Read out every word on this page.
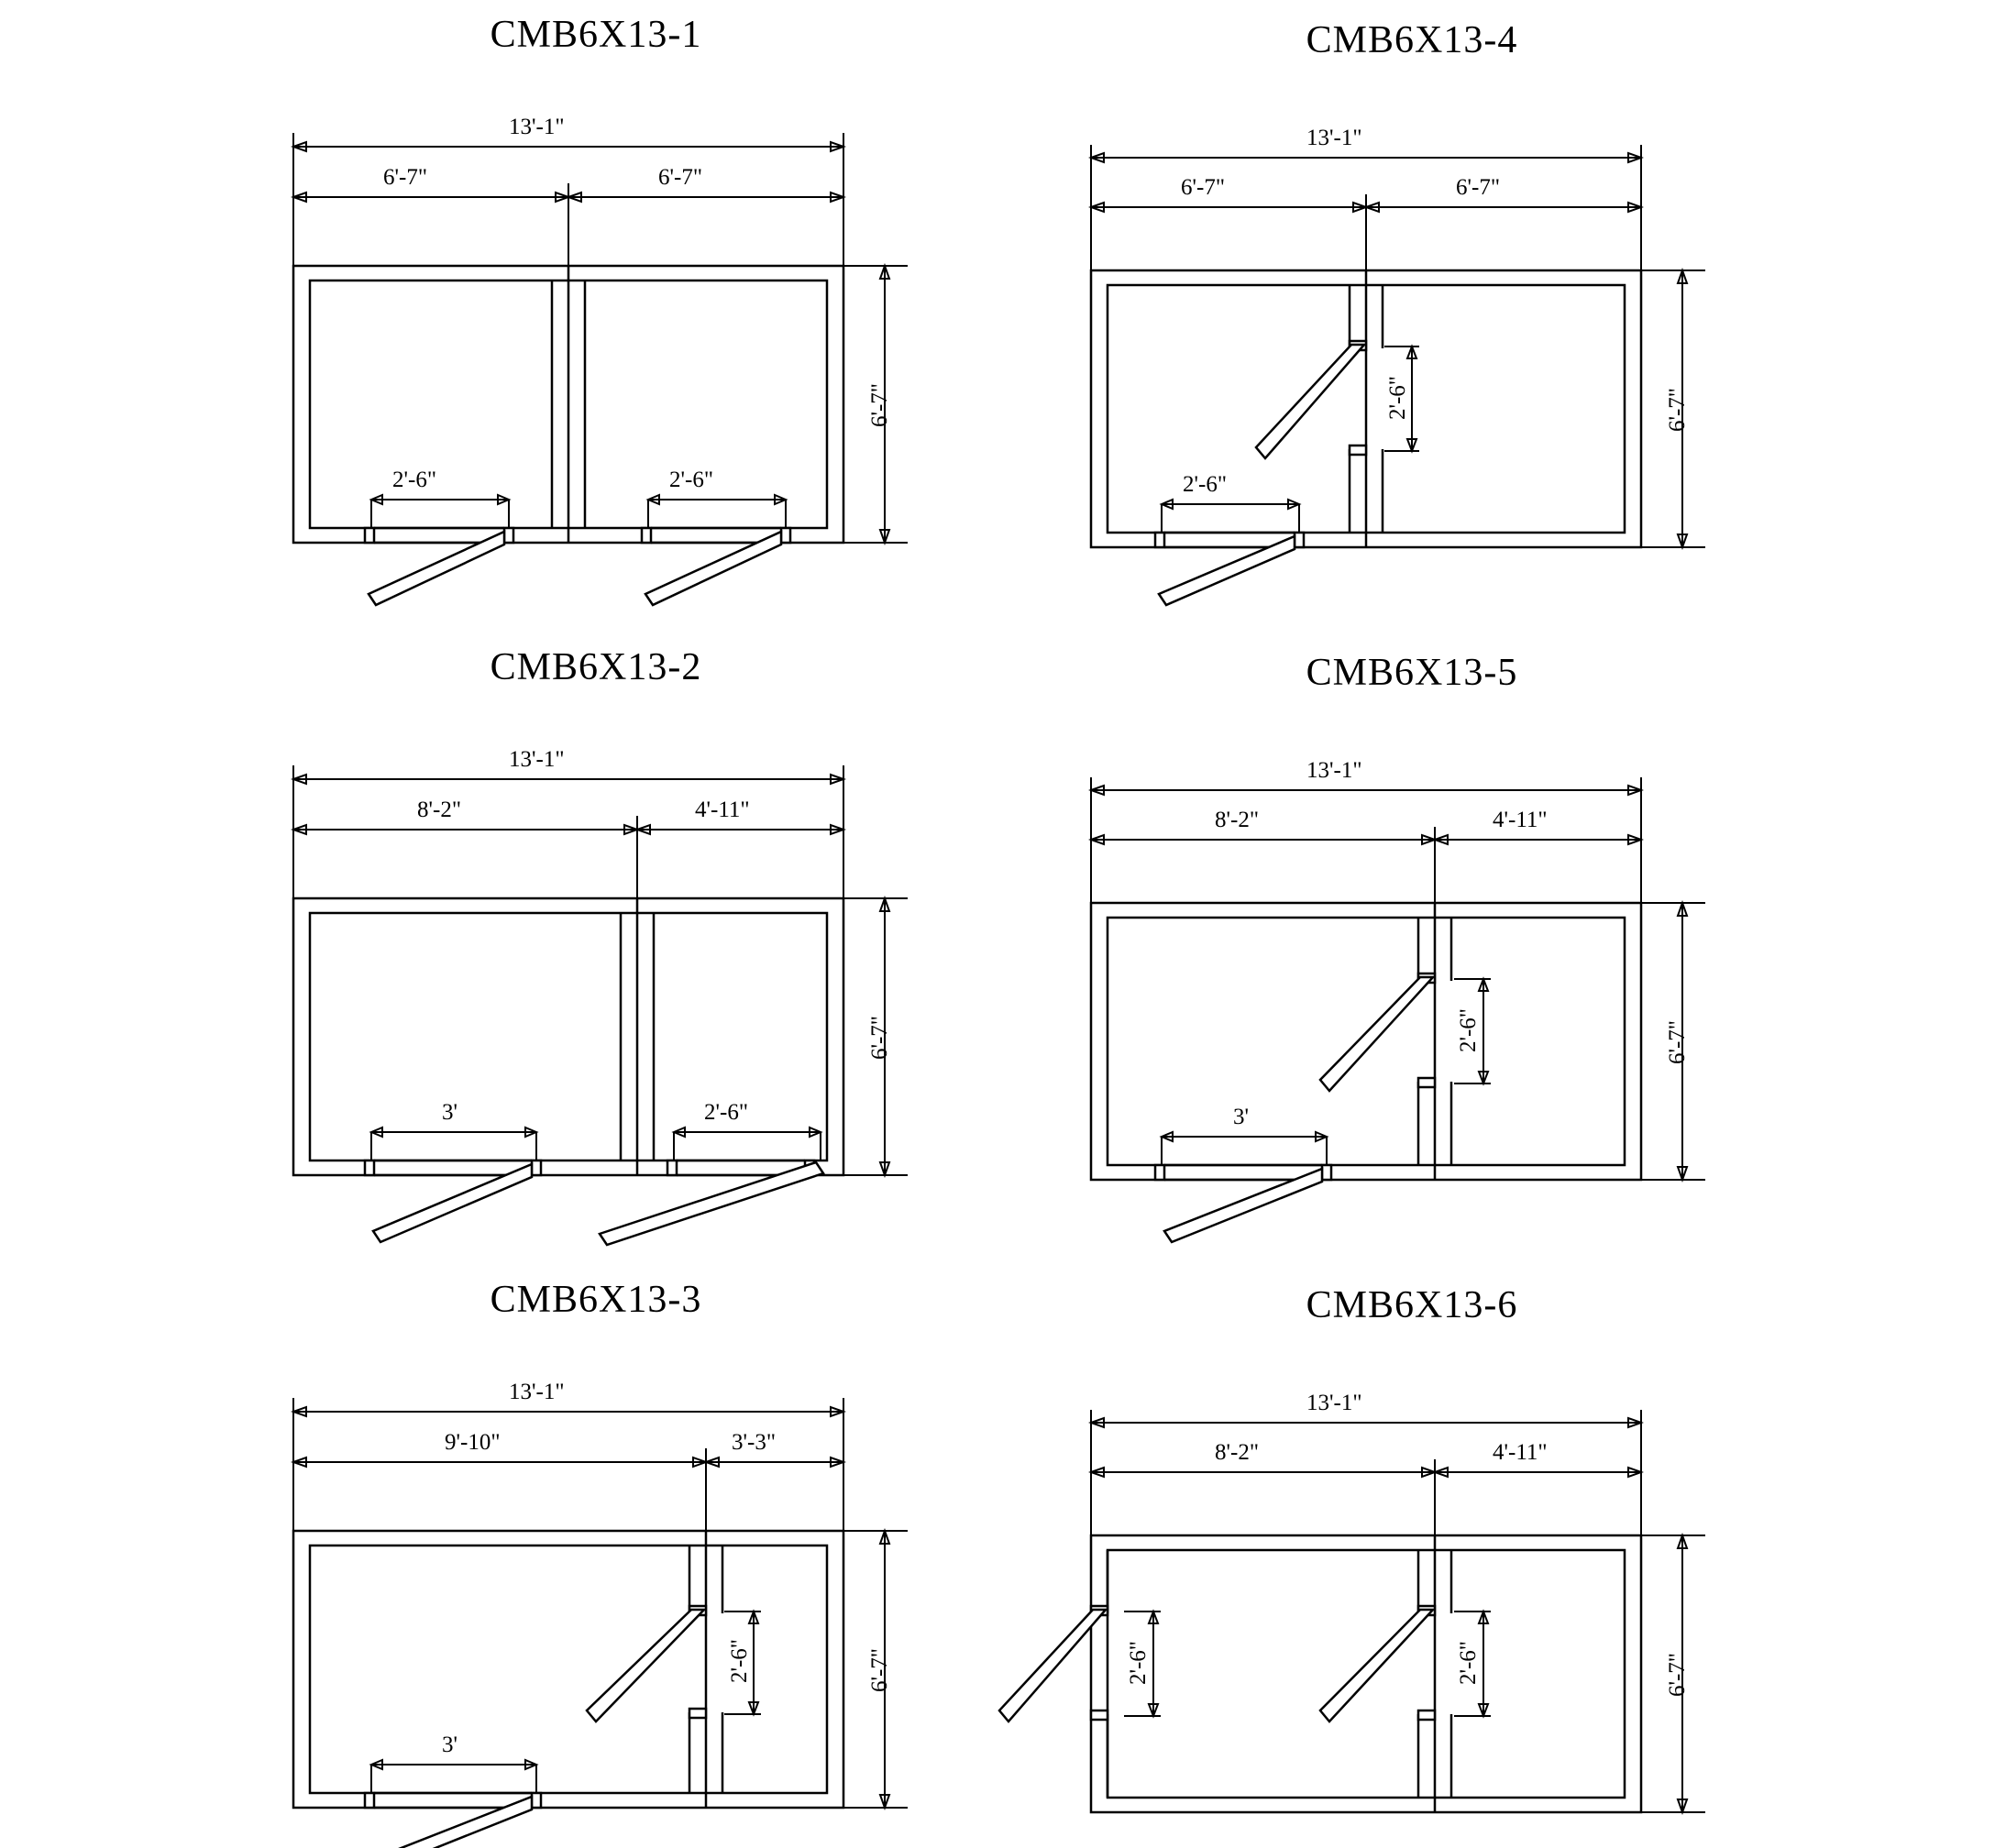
CMB6X13-1
13'-1"
6'-7"	6'-7"
6'-7"
2'-6"	2'-6"
CMB6X13-4
13'-1"
6'-7"	6'-7"
6'-7"
2'-6"
2'-6"
CMB6X13-2
13'-1"
8'-2"	4'-11"
6'-7"
3'	2'-6"
CMB6X13-5
13'-1"
8'-2"	4'-11"
6'-7"
3'
2'-6"
CMB6X13-3
13'-1"
9'-10"	3'-3"
6'-7"
3'
2'-6"
CMB6X13-6
13'-1"
8'-2"	4'-11"
6'-7"
2'-6"	2'-6"
